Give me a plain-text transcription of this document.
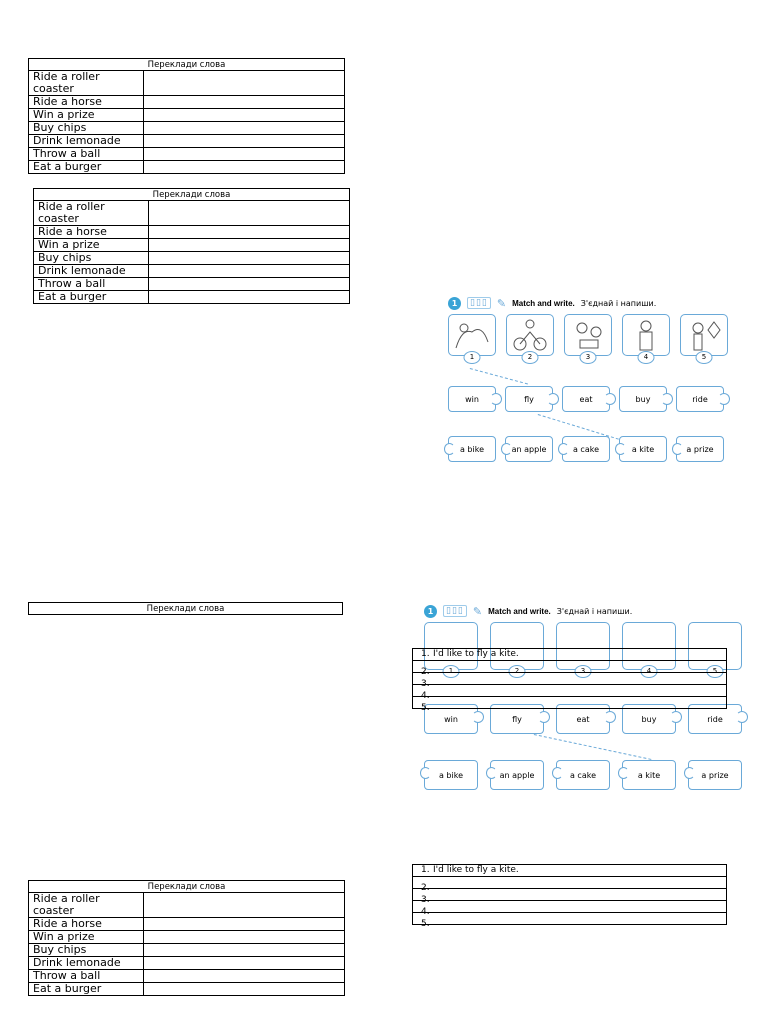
Переклади слова	
Ride a roller coaster	
Ride a horse	
Win a prize	
Buy chips	
Drink lemonade	
Throw a ball	
Eat a burger	
Переклади слова	
Ride a roller coaster	
Ride a horse	
Win a prize	
Buy chips	
Drink lemonade	
Throw a ball	
Eat a burger	
Переклади слова
Переклади слова	
Ride a roller coaster	
Ride a horse	
Win a prize	
Buy chips	
Drink lemonade	
Throw a ball	
Eat a burger	
1	▯▯▯ ✎ Match and write. З'єднай і напиши.
1	2	3	4	5
win	fly	eat	buy	ride
a bike	an apple	a cake	a kite	a prize
1	▯▯▯ ✎ Match and write. З'єднай і напиши.
1	2	3	4	5
win	fly	eat	buy	ride
a bike	an apple	a cake	a kite	a prize
1. I'd like to fly a kite.

2.

3.

4.

5.
1. I'd like to fly a kite.

2.

3.

4.

5.
